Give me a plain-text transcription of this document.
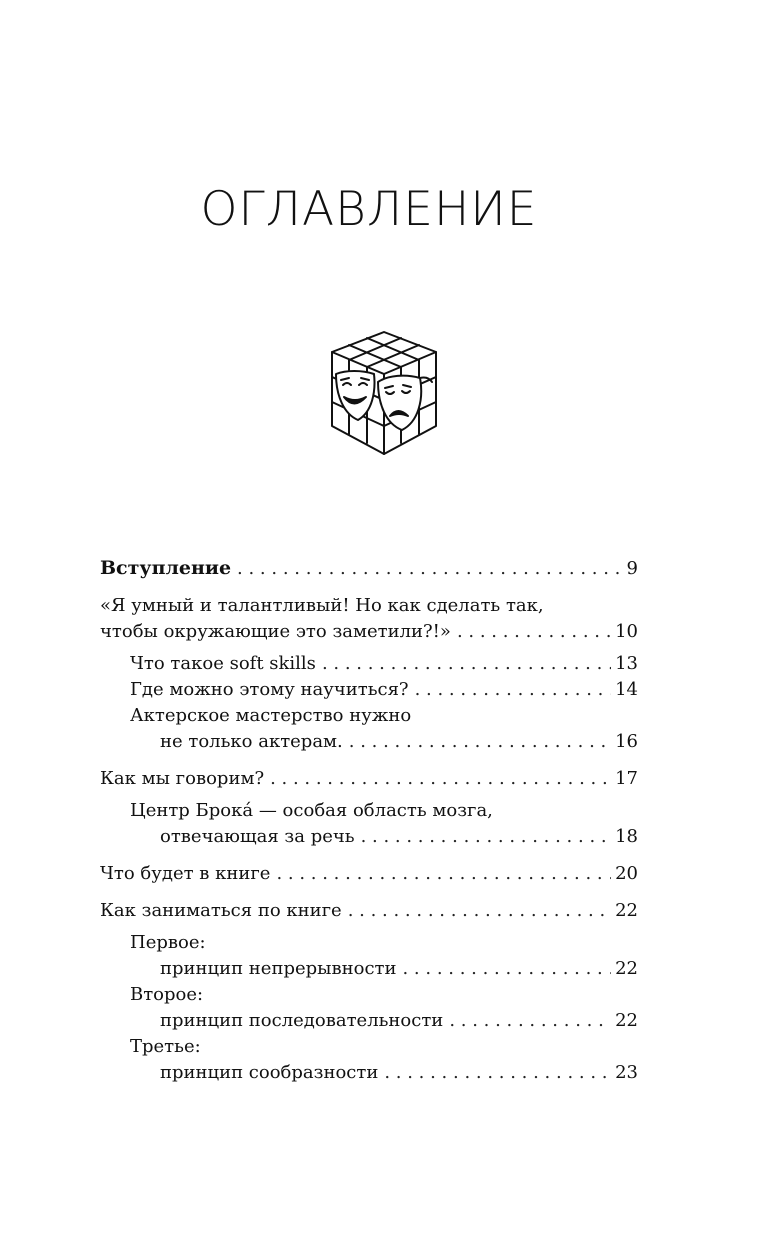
ОГЛАВЛЕНИЕ
Вступление . . .	9
«Я умный и талантливый! Но как сделать так,
чтобы окружающие это заметили?!» . . .	10
Что такое soft skills . . .	13
Где можно этому научиться? . . .	14
Актерское мастерство нужно
не только актерам. . . .	16
Как мы говорим? . . .	17
Центр Брока́ — особая область мозга,
отвечающая за речь . . .	18
Что будет в книге . . .	20
Как заниматься по книге . . .	22
Первое:
принцип непрерывности . . .	22
Второе:
принцип последовательности . . .	22
Третье:
принцип сообразности . . .	23
